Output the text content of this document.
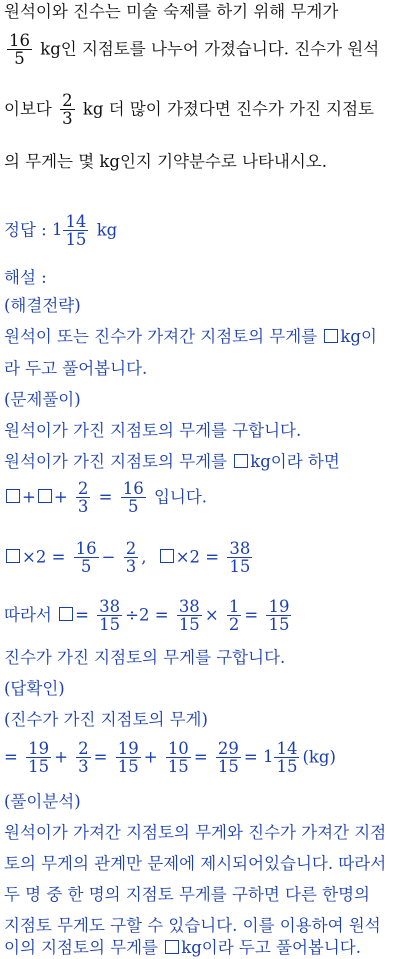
원석이와 진수는 미술 숙제를 하기 위해 무게가
$\frac{16}{5}$ kg인 지점토를 나누어 가졌습니다. 진수가 원석
이보다 $\frac{2}{3}$ kg 더 많이 가졌다면 진수가 가진 지점토
의 무게는 몇 kg인지 기약분수로 나타내시오.
정답 : $1 \frac{14}{15}$ kg
해설 :
(해결전략)
원석이 또는 진수가 가져간 지점토의 무게를 kg이
라 두고 풀어봅니다.
(문제풀이)
원석이가 가진 지점토의 무게를 구합니다.
원석이가 가진 지점토의 무게를 kg이라 하면
+ + $\frac{2}{3} = \frac{16}{5}$ 입니다.
$\times 2 = \frac{16}{5} - \frac{2}{3}$ , $\times 2 = \frac{38}{15}$
따라서 = $\frac{38}{15} \div 2 = \frac{38}{15} \times \frac{1}{2} = \frac{19}{15}$
진수가 가진 지점토의 무게를 구합니다.
(답확인)
(진수가 가진 지점토의 무게)
= $\frac{19}{15} + \frac{2}{3} = \frac{19}{15} + \frac{10}{15} = \frac{29}{15} = 1 \frac{14}{15} (kg)$
(풀이분석)
원석이가 가져간 지점토의 무게와 진수가 가져간 지점
토의 무게의 관계만 문제에 제시되어있습니다. 따라서
두 명 중 한 명의 지점토 무게를 구하면 다른 한명의
지점토 무게도 구할 수 있습니다. 이를 이용하여 원석
이의 지점토의 무게를 kg이라 두고 풀어봅니다.
